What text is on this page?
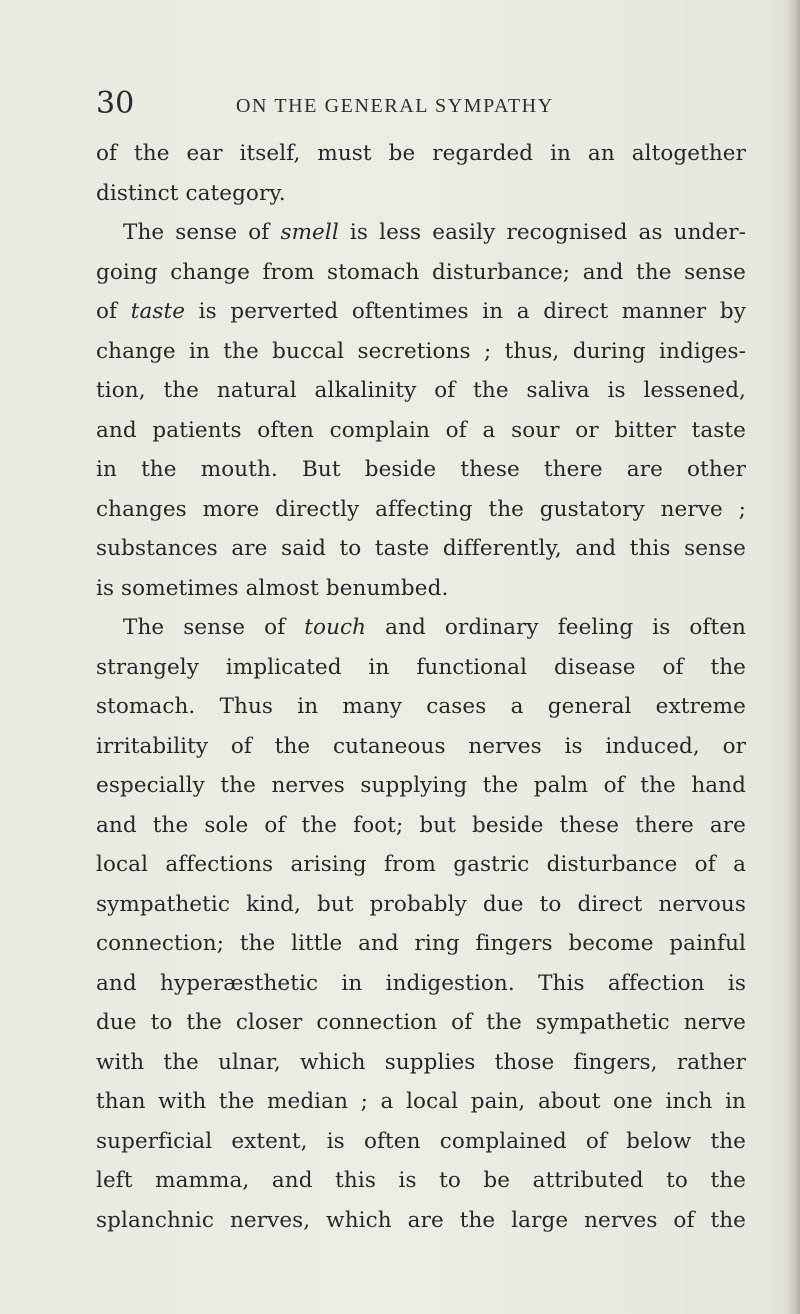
30	ON THE GENERAL SYMPATHY
of the ear itself, must be regarded in an altogether
distinct category.
The sense of smell is less easily recognised as under-
going change from stomach disturbance; and the sense
of taste is perverted oftentimes in a direct manner by
change in the buccal secretions ; thus, during indiges-
tion, the natural alkalinity of the saliva is lessened,
and patients often complain of a sour or bitter taste
in the mouth. But beside these there are other
changes more directly affecting the gustatory nerve ;
substances are said to taste differently, and this sense
is sometimes almost benumbed.
The sense of touch and ordinary feeling is often
strangely implicated in functional disease of the
stomach. Thus in many cases a general extreme
irritability of the cutaneous nerves is induced, or
especially the nerves supplying the palm of the hand
and the sole of the foot; but beside these there are
local affections arising from gastric disturbance of a
sympathetic kind, but probably due to direct nervous
connection; the little and ring fingers become painful
and hyperæsthetic in indigestion. This affection is
due to the closer connection of the sympathetic nerve
with the ulnar, which supplies those fingers, rather
than with the median ; a local pain, about one inch in
superficial extent, is often complained of below the
left mamma, and this is to be attributed to the
splanchnic nerves, which are the large nerves of the
